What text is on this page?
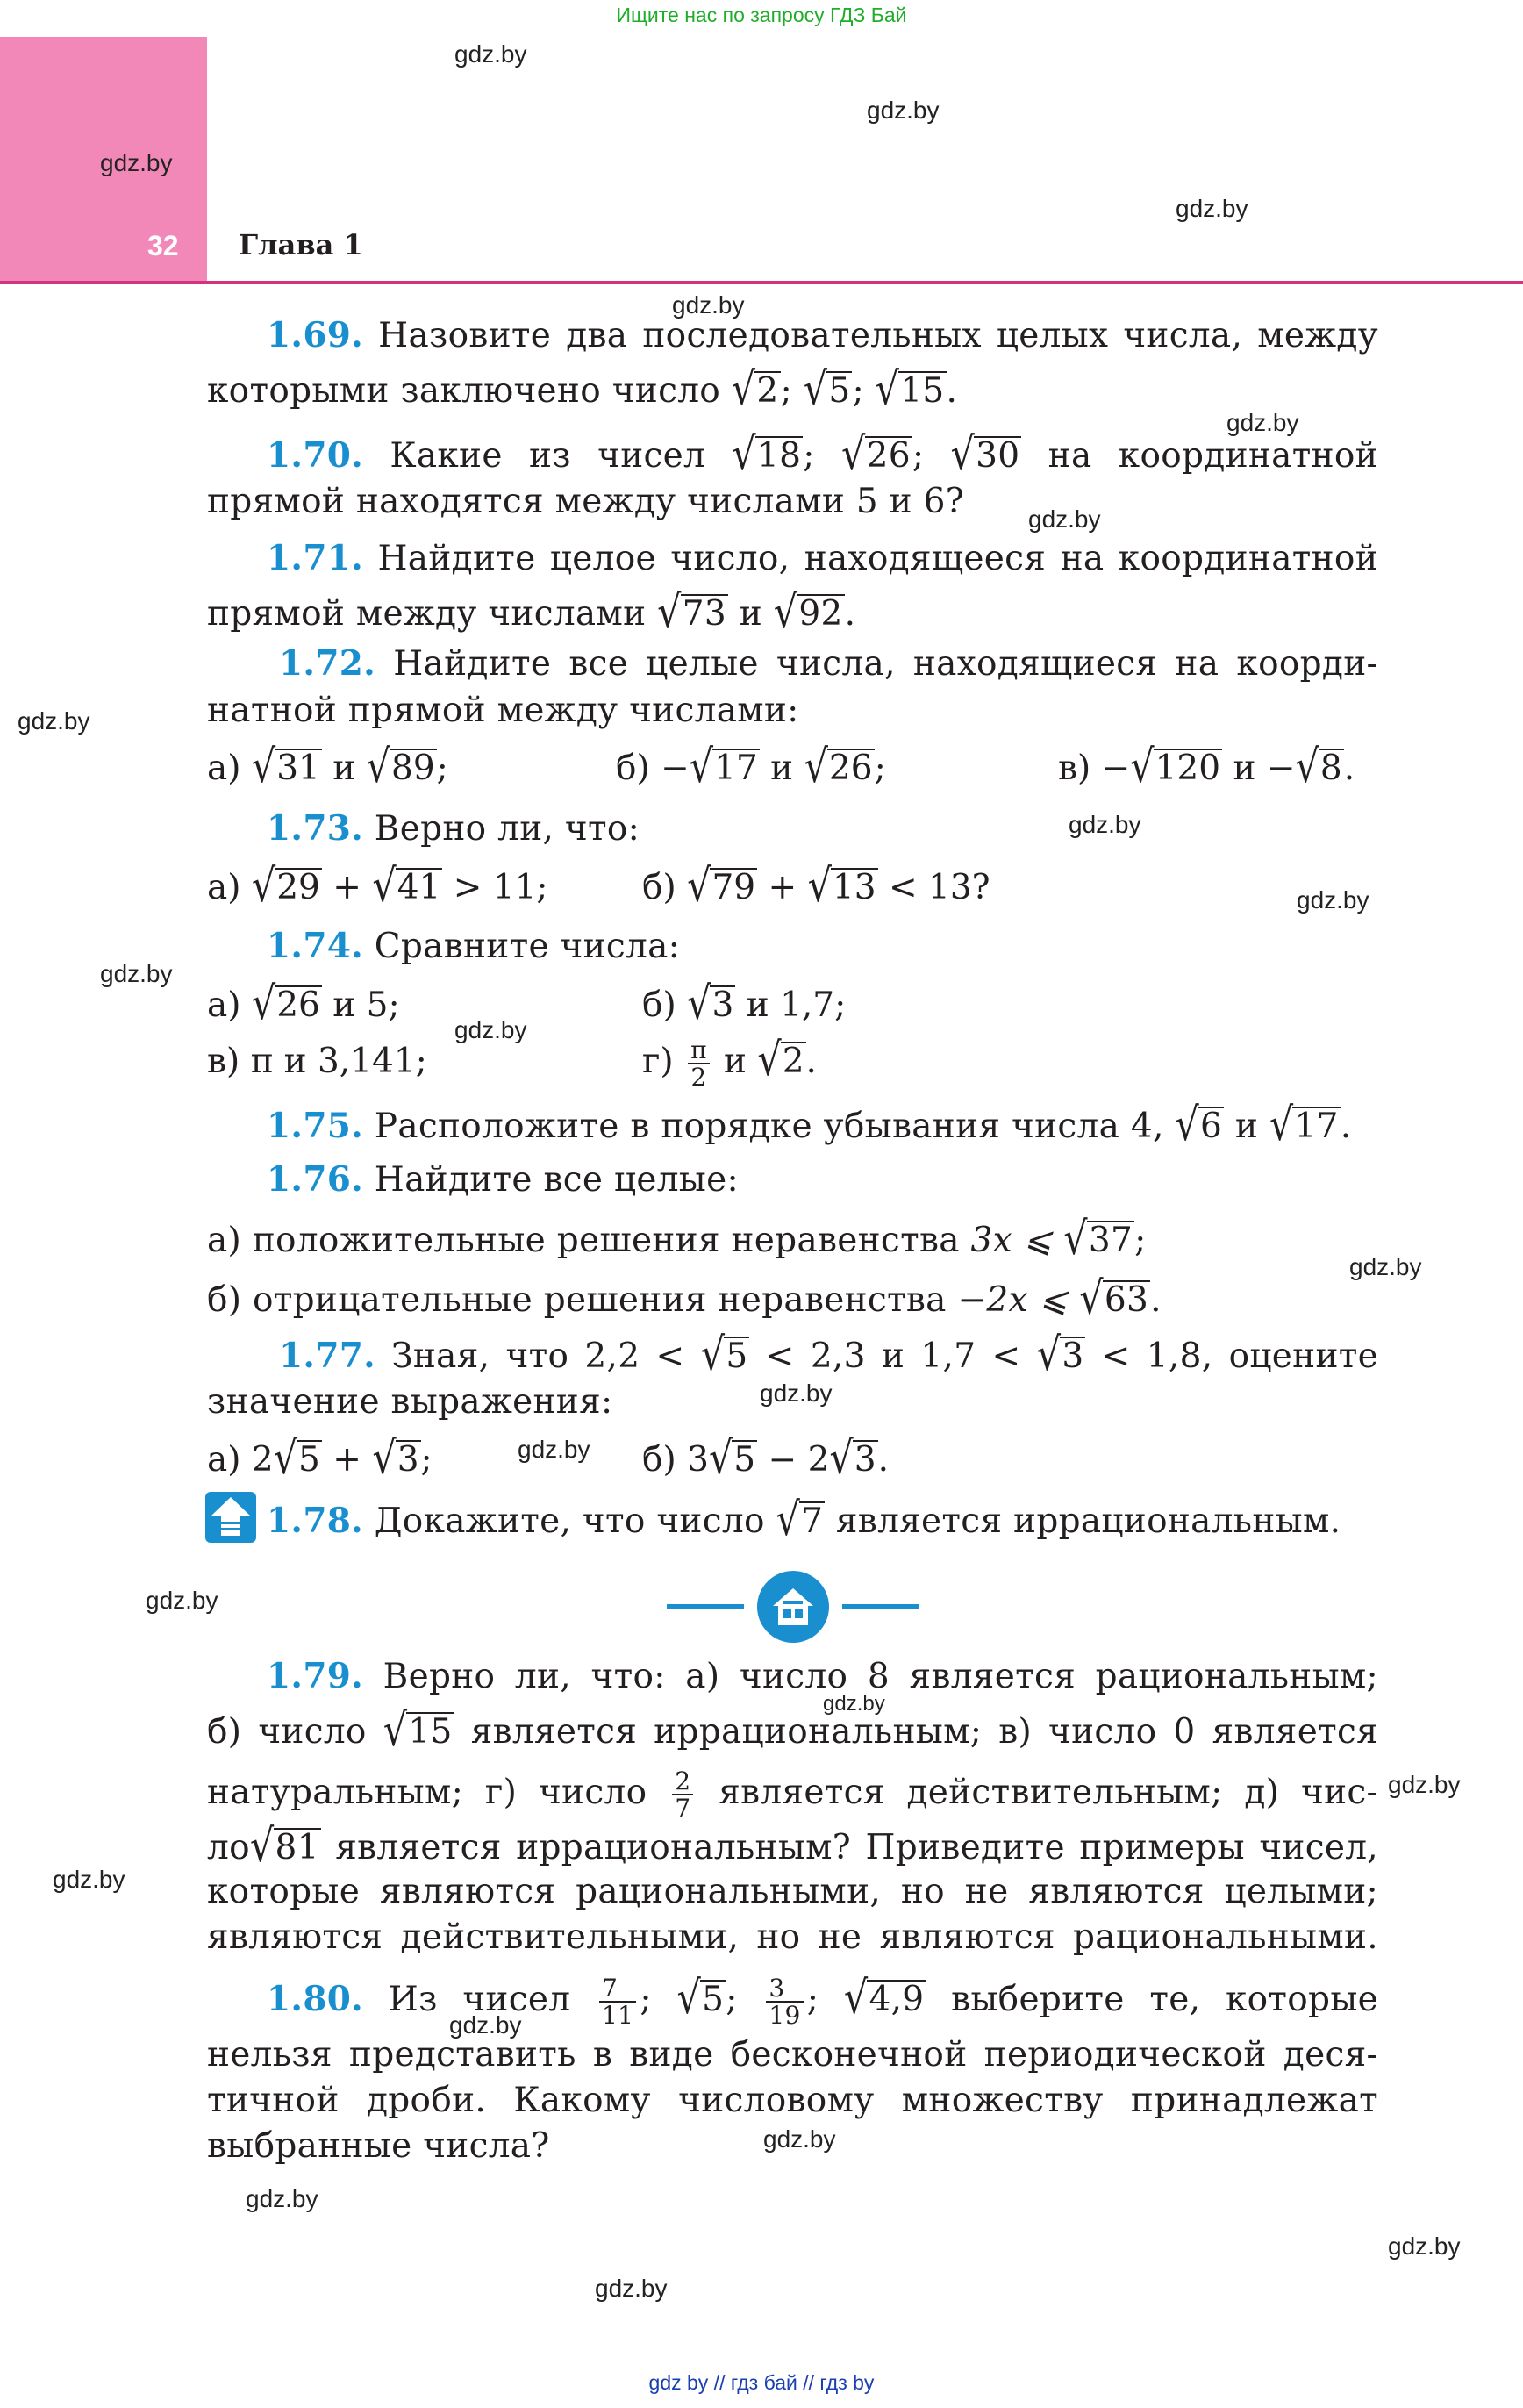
Ищите нас по запросу ГДЗ Бай
32 Глава 1
gdz.by
gdz.by
gdz.by
gdz.by
gdz.by
gdz.by
gdz.by
gdz.by
gdz.by
gdz.by
gdz.by
gdz.by
gdz.by
gdz.by
gdz.by
gdz.by
gdz.by
gdz.by
gdz.by
gdz.by
gdz.by
gdz.by
gdz.by
gdz.by
1.69. Назовите два последовательных целых числа, между
которыми заключено число √2; √5; √15.
1.70. Какие из чисел √18; √26; √30 на координатной
прямой находятся между числами 5 и 6?
1.71. Найдите целое число, находящееся на координатной
прямой между числами √73 и √92.
1.72. Найдите все целые числа, находящиеся на коорди-
натной прямой между числами:
а) √31 и √89;	б) −√17 и √26;	в) −√120 и −√8.
1.73. Верно ли, что:
а) √29 + √41 > 11;	б) √79 + √13 < 13?
1.74. Сравните числа:
а) √26 и 5;	б) √3 и 1,7;
в) π и 3,141;	$г) \frac{\pi}{2}$ и √2.
1.75. Расположите в порядке убывания числа 4, √6 и √17.
1.76. Найдите все целые:
а) положительные решения неравенства 3x ⩽ √37;
б) отрицательные решения неравенства −2x ⩽ √63.
1.77. Зная, что 2,2 < √5 < 2,3 и 1,7 < √3 < 1,8, оцените
значение выражения:
а) 2√5 + √3;	б) 3√5 − 2√3.
1.78. Докажите, что число √7 является иррациональным.
1.79. Верно ли, что: а) число 8 является рациональным;
б) число √15 является иррациональным; в) число 0 является
натуральным; г) число $\frac{2}{7}$ является действительным; д) чис-
ло√81 является иррациональным? Приведите примеры чисел,
которые являются рациональными, но не являются целыми;
являются действительными, но не являются рациональными.
1.80. Из чисел $\frac{7}{11}$ ; √5; $\frac{3}{19}$ ; √4,9 выберите те, которые
нельзя представить в виде бесконечной периодической деся-
тичной дроби. Какому числовому множеству принадлежат
выбранные числа?
gdz by // гдз бай // гдз by
